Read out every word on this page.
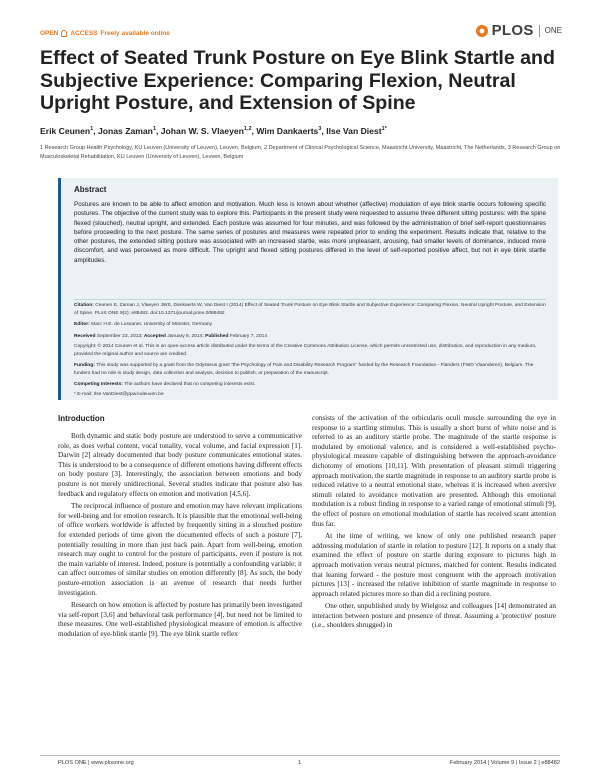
OPEN ACCESS Freely available online	PLOS ONE
Effect of Seated Trunk Posture on Eye Blink Startle and Subjective Experience: Comparing Flexion, Neutral Upright Posture, and Extension of Spine
Erik Ceunen$^1$, Jonas Zaman$^1$, Johan W. S. Vlaeyen$^{1,2}$, Wim Dankaerts$^3$, Ilse Van Diest$^{1*}$
1 Research Group Health Psychology, KU Leuven (University of Leuven), Leuven, Belgium, 2 Department of Clinical Psychological Science, Maastricht University, Maastricht, The Netherlands, 3 Research Group on Musculoskeletal Rehabilitation, KU Leuven (University of Leuven), Leuven, Belgium
Abstract

Postures are known to be able to affect emotion and motivation. Much less is known about whether (affective) modulation of eye blink startle occurs following specific postures. The objective of the current study was to explore this. Participants in the present study were requested to assume three different sitting postures: with the spine flexed (slouched), neutral upright, and extended. Each posture was assumed for four minutes, and was followed by the administration of brief self-report questionnaires before proceeding to the next posture. The same series of postures and measures were repeated prior to ending the experiment. Results indicate that, relative to the other postures, the extended sitting posture was associated with an increased startle, was more unpleasant, arousing, had smaller levels of dominance, induced more discomfort, and was perceived as more difficult. The upright and flexed sitting postures differed in the level of self-reported positive affect, but not in eye blink startle amplitudes.

Citation: Ceunen E, Zaman J, Vlaeyen JWS, Dankaerts W, Van Diest I (2014) Effect of Seated Trunk Posture on Eye Blink Startle and Subjective Experience: Comparing Flexion, Neutral Upright Posture, and Extension of Spine. PLoS ONE 9(2): e88482. doi:10.1371/journal.pone.0088482

Editor: Marc H.E. de Lussanet, University of Münster, Germany

Received September 23, 2013; Accepted January 8, 2014; Published February 7, 2014

Copyright: © 2014 Ceunen et al. This is an open-access article distributed under the terms of the Creative Commons Attribution License, which permits unrestricted use, distribution, and reproduction in any medium, provided the original author and source are credited.

Funding: This study was supported by a grant from the Odysseus grant "the Psychology of Pain and Disability Research Program" funded by the Research Foundation - Flanders (FWO Vlaanderen), Belgium. The funders had no role in study design, data collection and analysis, decision to publish, or preparation of the manuscript.

Competing Interests: The authors have declared that no competing interests exist.

* E-mail: Ilse.VanDiest@ppw.kuleuven.be

Introduction

Both dynamic and static body posture are understood to serve a communicative role, as does verbal content, vocal tonality, vocal volume, and facial expression [1]. Darwin [2] already documented that body posture communicates emotional states. This is understood to be a consequence of different emotions having different effects on body posture [3]. Interestingly, the association between emotions and body posture is not merely unidirectional. Several studies indicate that posture also has feedback and regulatory effects on emotion and motivation [4,5,6].

The reciprocal influence of posture and emotion may have relevant implications for well-being and for emotion research. It is plausible that the emotional well-being of office workers worldwide is affected by frequently sitting in a slouched posture for extended periods of time given the documented effects of such a posture [7], potentially resulting in more than just back pain. Apart from well-being, emotion research may ought to control for the posture of participants, even if posture is not the main variable of interest. Indeed, posture is potentially a confounding variable; it can affect outcomes of similar studies on emotion differently [8]. As such, the body posture-emotion association is an avenue of research that needs further investigation.

Research on how emotion is affected by posture has primarily been investigated via self-report [3,6] and behavioral task performance [4], but need not be limited to these measures. One well-established physiological measure of emotion is affective modulation of eye-blink startle [9]. The eye blink startle reflex

consists of the activation of the orbicularis oculi muscle surrounding the eye in response to a startling stimulus. This is usually a short burst of white noise and is referred to as an auditory startle probe. The magnitude of the startle response is modulated by emotional valence, and is considered a well-established psycho-physiological measure capable of distinguishing between the approach-avoidance dichotomy of emotions [10,11]. With presentation of pleasant stimuli triggering approach motivation, the startle magnitude in response to an auditory startle probe is reduced relative to a neutral emotional state, whereas it is increased when aversive stimuli related to avoidance motivation are presented. Although this emotional modulation is a robust finding in response to a varied range of emotional stimuli [9], the effect of posture on emotional modulation of startle has received scant attention thus far.

At the time of writing, we know of only one published research paper addressing modulation of startle in relation to posture [12]. It reports on a study that examined the effect of posture on startle during exposure to pictures high in approach motivation versus neutral pictures, matched for content. Results indicated that leaning forward - the posture most congruent with the approach motivation pictures [13] - increased the relative inhibition of startle magnitude in response to approach related pictures more so than did a reclining posture.

One other, unpublished study by Wielgosz and colleagues [14] demonstrated an interaction between posture and presence of threat. Assuming a 'protective' posture (i.e., shoulders shrugged) in

PLOS ONE | www.plosone.org	1	February 2014 | Volume 9 | Issue 2 | e88482
